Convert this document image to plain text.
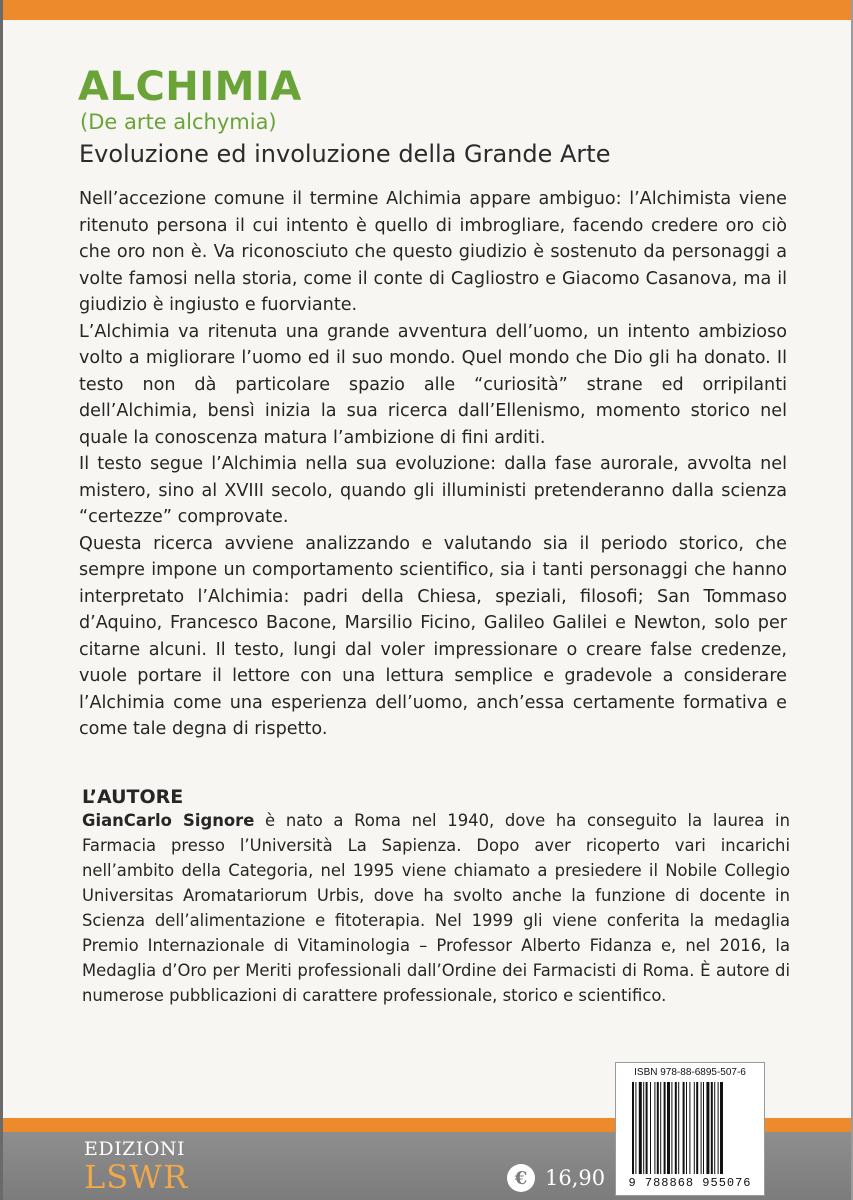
ALCHIMIA
(De arte alchymia)
Evoluzione ed involuzione della Grande Arte

Nell’accezione comune il termine Alchimia appare ambiguo: l’Alchimista viene ritenuto persona il cui intento è quello di imbrogliare, facendo credere oro ciò che oro non è. Va riconosciuto che questo giudizio è sostenuto da personaggi a volte famosi nella storia, come il conte di Cagliostro e Giacomo Casanova, ma il giudizio è ingiusto e fuorviante.

L’Alchimia va ritenuta una grande avventura dell’uomo, un intento ambizioso volto a migliorare l’uomo ed il suo mondo. Quel mondo che Dio gli ha donato. Il testo non dà particolare spazio alle “curiosità” strane ed orripilanti dell’Alchimia, bensì inizia la sua ricerca dall’Ellenismo, momento storico nel quale la conoscenza matura l’ambizione di fini arditi.

Il testo segue l’Alchimia nella sua evoluzione: dalla fase aurorale, avvolta nel mistero, sino al XVIII secolo, quando gli illuministi pretenderanno dalla scienza “certezze” comprovate.

Questa ricerca avviene analizzando e valutando sia il periodo storico, che sempre impone un comportamento scientifico, sia i tanti personaggi che hanno interpretato l’Alchimia: padri della Chiesa, speziali, filosofi; San Tommaso d’Aquino, Francesco Bacone, Marsilio Ficino, Galileo Galilei e Newton, solo per citarne alcuni. Il testo, lungi dal voler impressionare o creare false credenze, vuole portare il lettore con una lettura semplice e gradevole a considerare l’Alchimia come una esperienza dell’uomo, anch’essa certamente formativa e come tale degna di rispetto.

L’AUTORE

GianCarlo Signore è nato a Roma nel 1940, dove ha conseguito la laurea in Farmacia presso l’Università La Sapienza. Dopo aver ricoperto vari incarichi nell’ambito della Categoria, nel 1995 viene chiamato a presiedere il Nobile Collegio Universitas Aromatariorum Urbis, dove ha svolto anche la funzione di docente in Scienza dell’alimentazione e fitoterapia. Nel 1999 gli viene conferita la medaglia Premio Internazionale di Vitaminologia – Professor Alberto Fidanza e, nel 2016, la Medaglia d’Oro per Meriti professionali dall’Ordine dei Farmacisti di Roma. È autore di numerose pubblicazioni di carattere professionale, storico e scientifico.

EDIZIONI
LSWR	€ 16,90
ISBN 978-88-6895-507-6
9 788868 955076
